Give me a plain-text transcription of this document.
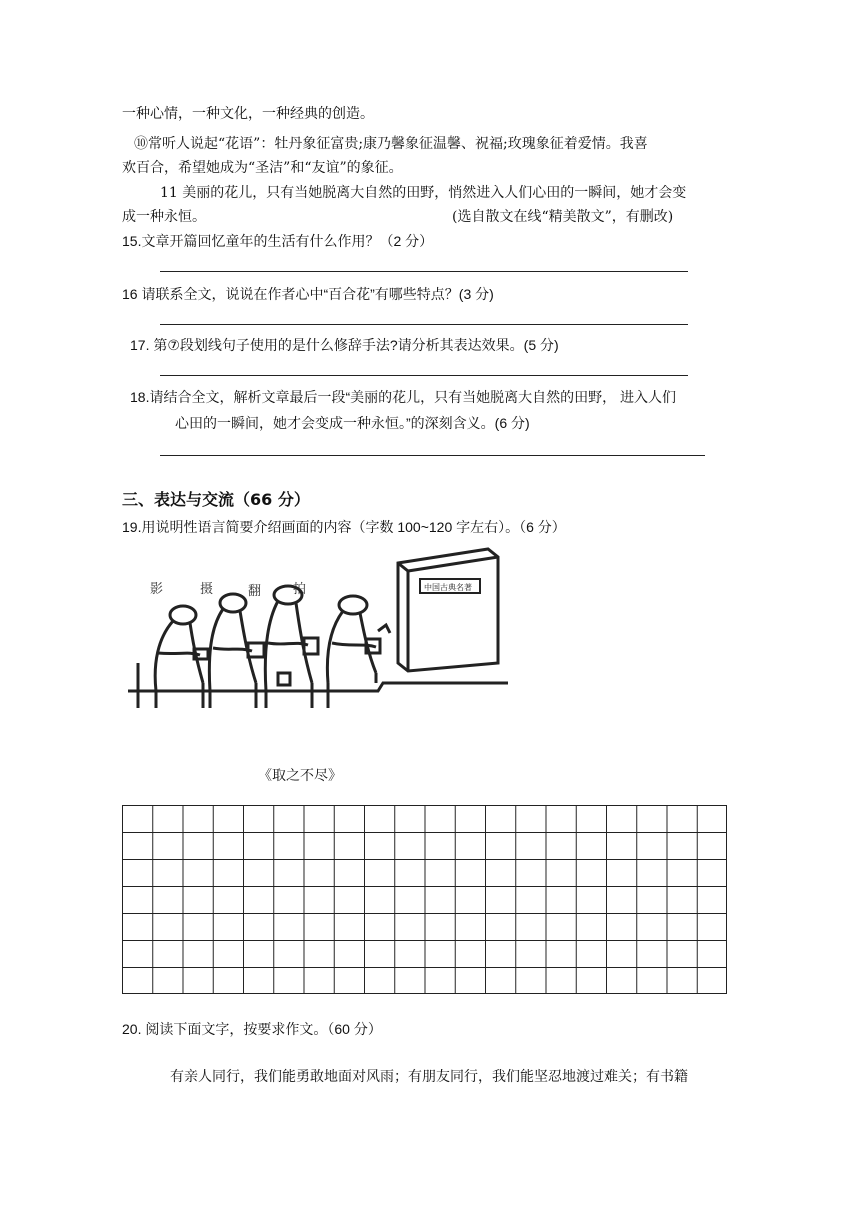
一种心情，一种文化，一种经典的创造。
⑩常听人说起“花语”：牡丹象征富贵;康乃馨象征温馨、祝福;玫瑰象征着爱情。我喜
欢百合，希望她成为“圣洁”和“友谊”的象征。
11 美丽的花儿，只有当她脱离大自然的田野，悄然进入人们心田的一瞬间，她才会变
成一种永恒。	(选自散文在线“精美散文”，有删改)
15.文章开篇回忆童年的生活有什么作用？（2 分）
16 请联系全文，说说在作者心中“百合花”有哪些特点？(3 分)
17. 第⑦段划线句子使用的是什么修辞手法?请分析其表达效果。(5 分)
18.请结合全文，解析文章最后一段“美丽的花儿，只有当她脱离大自然的田野， 进入人们
心田的一瞬间，她才会变成一种永恒。”的深刻含义。(6 分)
三、表达与交流（66 分）
19.用说明性语言简要介绍画面的内容（字数 100~120 字左右）。（6 分）
影	摄	翻 拍	中国古典名著
《取之不尽》
20. 阅读下面文字，按要求作文。（60 分）
有亲人同行，我们能勇敢地面对风雨；有朋友同行，我们能坚忍地渡过难关；有书籍
